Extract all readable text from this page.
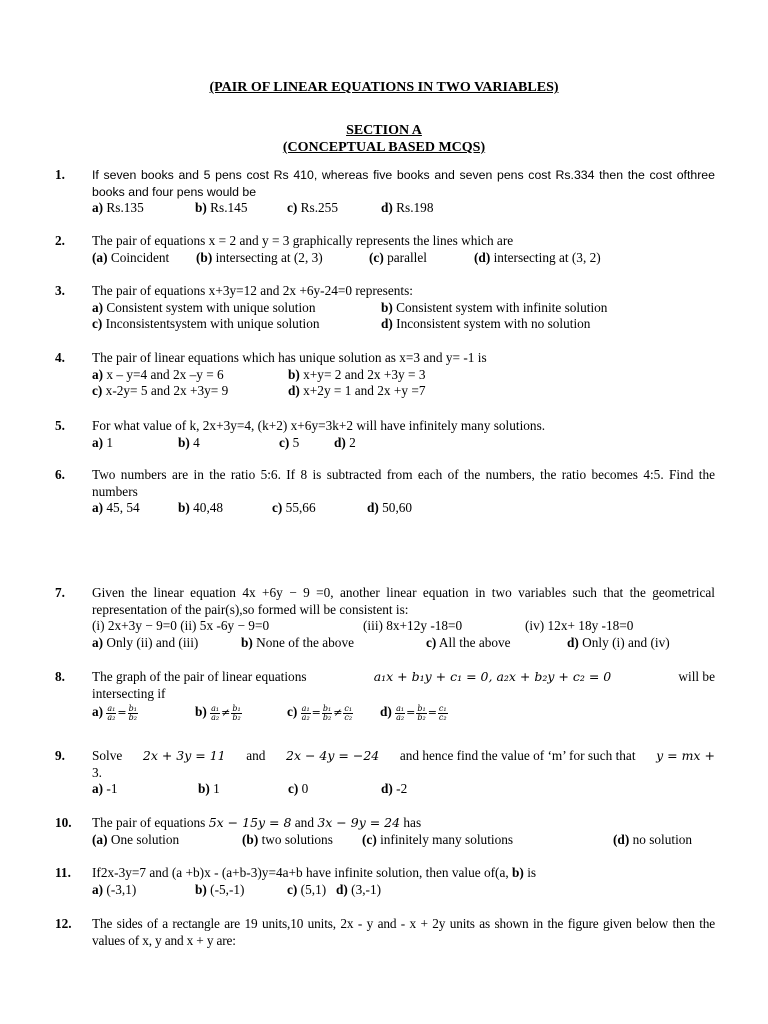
(PAIR OF LINEAR EQUATIONS IN TWO VARIABLES)
SECTION A
(CONCEPTUAL BASED MCQS)
1. If seven books and 5 pens cost Rs 410, whereas five books and seven pens cost Rs.334 then the cost ofthree books and four pens would be
a) Rs.135	b) Rs.145	c) Rs.255	d) Rs.198
2. The pair of equations x = 2 and y = 3 graphically represents the lines which are
(a) Coincident (b) intersecting at (2, 3)	(c) parallel	(d) intersecting at (3, 2)
3. The pair of equations x+3y=12 and 2x +6y-24=0 represents:
a) Consistent system with unique solution	b) Consistent system with infinite solution
c) Inconsistentsystem with unique solution	d) Inconsistent system with no solution
4. The pair of linear equations which has unique solution as x=3 and y= -1 is
a) x – y=4 and 2x –y = 6	b) x+y= 2 and 2x +3y = 3
c) x-2y= 5 and 2x +3y= 9	d) x+2y = 1 and 2x +y =7
5. For what value of k, 2x+3y=4, (k+2) x+6y=3k+2 will have infinitely many solutions.
a) 1	b) 4	c) 5	d) 2
6. Two numbers are in the ratio 5:6. If 8 is subtracted from each of the numbers, the ratio becomes 4:5. Find the numbers
a) 45, 54	b) 40,48	c) 55,66	d) 50,60
7. Given the linear equation 4x +6y − 9 =0, another linear equation in two variables such that the geometrical representation of the pair(s),so formed will be consistent is:
(i) 2x+3y − 9=0 (ii) 5x -6y − 9=0	(iii) 8x+12y -18=0	(iv) 12x+ 18y -18=0
a) Only (ii) and (iii)	b) None of the above	c) All the above	d) Only (i) and (iv)
8. The graph of the pair of linear equations	a₁x + b₁y + c₁ = 0, a₂x + b₂y + c₂ = 0	will be
intersecting if
$a) \frac{\text{a₁}}{\text{a₂}} = \frac{\text{b₁}}{\text{b₂}}$	$b) \frac{\text{a₁}}{\text{a₂}} \ne \frac{\text{b₁}}{\text{b₂}}$	$c) \frac{\text{a₁}}{\text{a₂}} = \frac{\text{b₁}}{\text{b₂}} \ne \frac{\text{c₁}}{\text{c₂}} d) \frac{\text{a₁}}{\text{a₂}} = \frac{\text{b₁}}{\text{b₂}} = \frac{\text{c₁}}{\text{c₂}}$
9. Solve 2x + 3y = 11 and 2x − 4y = −24 and hence find the value of ‘m’ for such that y = mx +
3.
a) -1	b) 1	c) 0	d) -2
10. The pair of equations 5x − 15y = 8 and 3x − 9y = 24 has
(a) One solution	(b) two solutions (c) infinitely many solutions	(d) no solution
11. If2x-3y=7 and (a +b)x - (a+b-3)y=4a+b have infinite solution, then value of(a, b) is
a) (-3,1)	b) (-5,-1)	c) (5,1) d) (3,-1)
12. The sides of a rectangle are 19 units,10 units, 2x - y and - x + 2y units as shown in the figure given below then the values of x, y and x + y are:
